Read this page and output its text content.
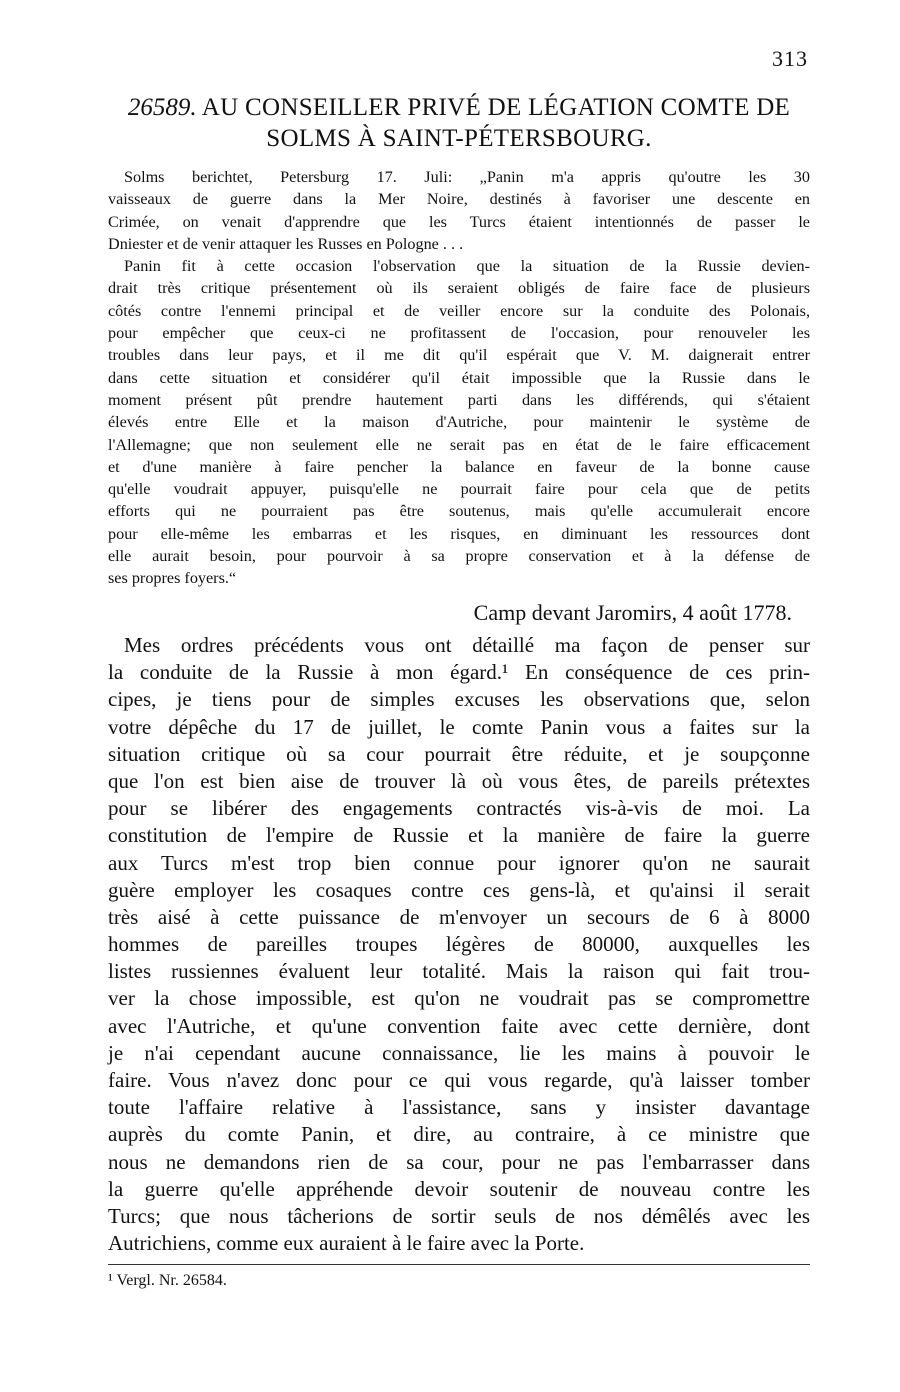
313
26589. AU CONSEILLER PRIVÉ DE LÉGATION COMTE DE
SOLMS À SAINT-PÉTERSBOURG.
Solms berichtet, Petersburg 17. Juli: „Panin m'a appris qu'outre les 30
vaisseaux de guerre dans la Mer Noire, destinés à favoriser une descente en
Crimée, on venait d'apprendre que les Turcs étaient intentionnés de passer le
Dniester et de venir attaquer les Russes en Pologne . . .
Panin fit à cette occasion l'observation que la situation de la Russie devien-
drait très critique présentement où ils seraient obligés de faire face de plusieurs
côtés contre l'ennemi principal et de veiller encore sur la conduite des Polonais,
pour empêcher que ceux-ci ne profitassent de l'occasion, pour renouveler les
troubles dans leur pays, et il me dit qu'il espérait que V. M. daignerait entrer
dans cette situation et considérer qu'il était impossible que la Russie dans le
moment présent pût prendre hautement parti dans les différends, qui s'étaient
élevés entre Elle et la maison d'Autriche, pour maintenir le système de
l'Allemagne; que non seulement elle ne serait pas en état de le faire efficacement
et d'une manière à faire pencher la balance en faveur de la bonne cause
qu'elle voudrait appuyer, puisqu'elle ne pourrait faire pour cela que de petits
efforts qui ne pourraient pas être soutenus, mais qu'elle accumulerait encore
pour elle-même les embarras et les risques, en diminuant les ressources dont
elle aurait besoin, pour pourvoir à sa propre conservation et à la défense de
ses propres foyers.“
Camp devant Jaromirs, 4 août 1778.
Mes ordres précédents vous ont détaillé ma façon de penser sur
la conduite de la Russie à mon égard.¹ En conséquence de ces prin-
cipes, je tiens pour de simples excuses les observations que, selon
votre dépêche du 17 de juillet, le comte Panin vous a faites sur la
situation critique où sa cour pourrait être réduite, et je soupçonne
que l'on est bien aise de trouver là où vous êtes, de pareils prétextes
pour se libérer des engagements contractés vis-à-vis de moi. La
constitution de l'empire de Russie et la manière de faire la guerre
aux Turcs m'est trop bien connue pour ignorer qu'on ne saurait
guère employer les cosaques contre ces gens-là, et qu'ainsi il serait
très aisé à cette puissance de m'envoyer un secours de 6 à 8000
hommes de pareilles troupes légères de 80000, auxquelles les
listes russiennes évaluent leur totalité. Mais la raison qui fait trou-
ver la chose impossible, est qu'on ne voudrait pas se compromettre
avec l'Autriche, et qu'une convention faite avec cette dernière, dont
je n'ai cependant aucune connaissance, lie les mains à pouvoir le
faire. Vous n'avez donc pour ce qui vous regarde, qu'à laisser tomber
toute l'affaire relative à l'assistance, sans y insister davantage
auprès du comte Panin, et dire, au contraire, à ce ministre que
nous ne demandons rien de sa cour, pour ne pas l'embarrasser dans
la guerre qu'elle appréhende devoir soutenir de nouveau contre les
Turcs; que nous tâcherions de sortir seuls de nos démêlés avec les
Autrichiens, comme eux auraient à le faire avec la Porte.
¹ Vergl. Nr. 26584.
